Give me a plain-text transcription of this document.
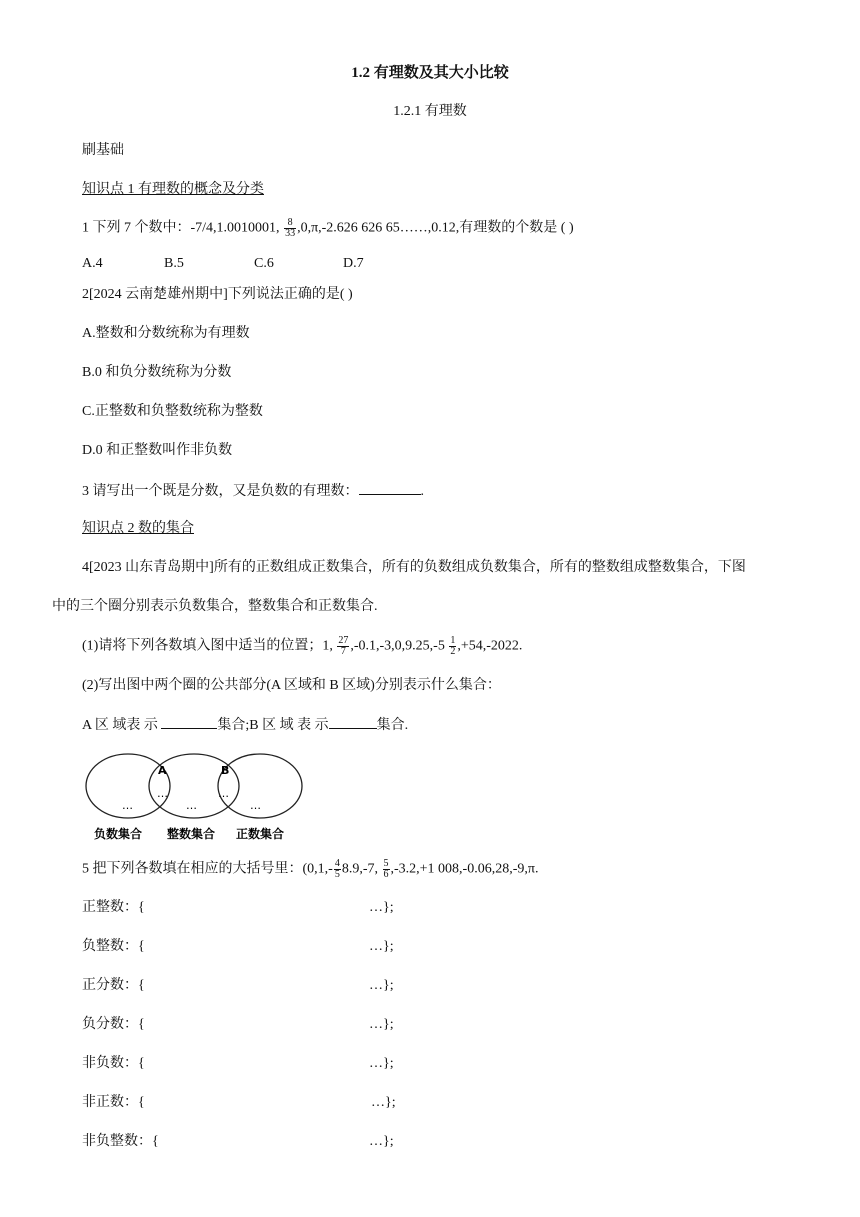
1.2 有理数及其大小比较
1.2.1 有理数
刷基础
知识点 1 有理数的概念及分类
1 下列 7 个数中：-7/4,1.0010001, $\frac{8}{33} ,0,\pi,-2.626$ 626 65……,0.12,有理数的个数是 ( )
A.4	B.5	C.6	D.7
2[2024 云南楚雄州期中]下列说法正确的是( )
A.整数和分数统称为有理数
B.0 和负分数统称为分数
C.正整数和负整数统称为整数
D.0 和正整数叫作非负数
3 请写出一个既是分数，又是负数的有理数：	.
知识点 2 数的集合
4[2023 山东青岛期中]所有的正数组成正数集合，所有的负数组成负数集合，所有的整数组成整数集合，下图
中的三个圈分别表示负数集合，整数集合和正数集合.
(1)请将下列各数填入图中适当的位置；1, $\frac{27}{7} ,-0.1,-3,0,9.25,-5 \frac{1}{2} ,+54,-2022$.
(2)写出图中两个圈的公共部分(A 区域和 B 区域)分别表示什么集合：
A 区 域表 示	集合;B 区 域 表 示	集合.
A	B
…
…
…
…
…
负数集合 整数集合 正数集合
5 把下列各数填在相应的大括号里：($0,1,- \frac{4}{5} 8.9,-7$, $\frac{5}{6} ,-3.2,+1$ 008,-0.06,28,-9,π.
正整数：{	…};
负整数：{	…};
正分数：{	…};
负分数：{	…};
非负数：{	…};
非正数：{	…};
非负整数：{	…};
